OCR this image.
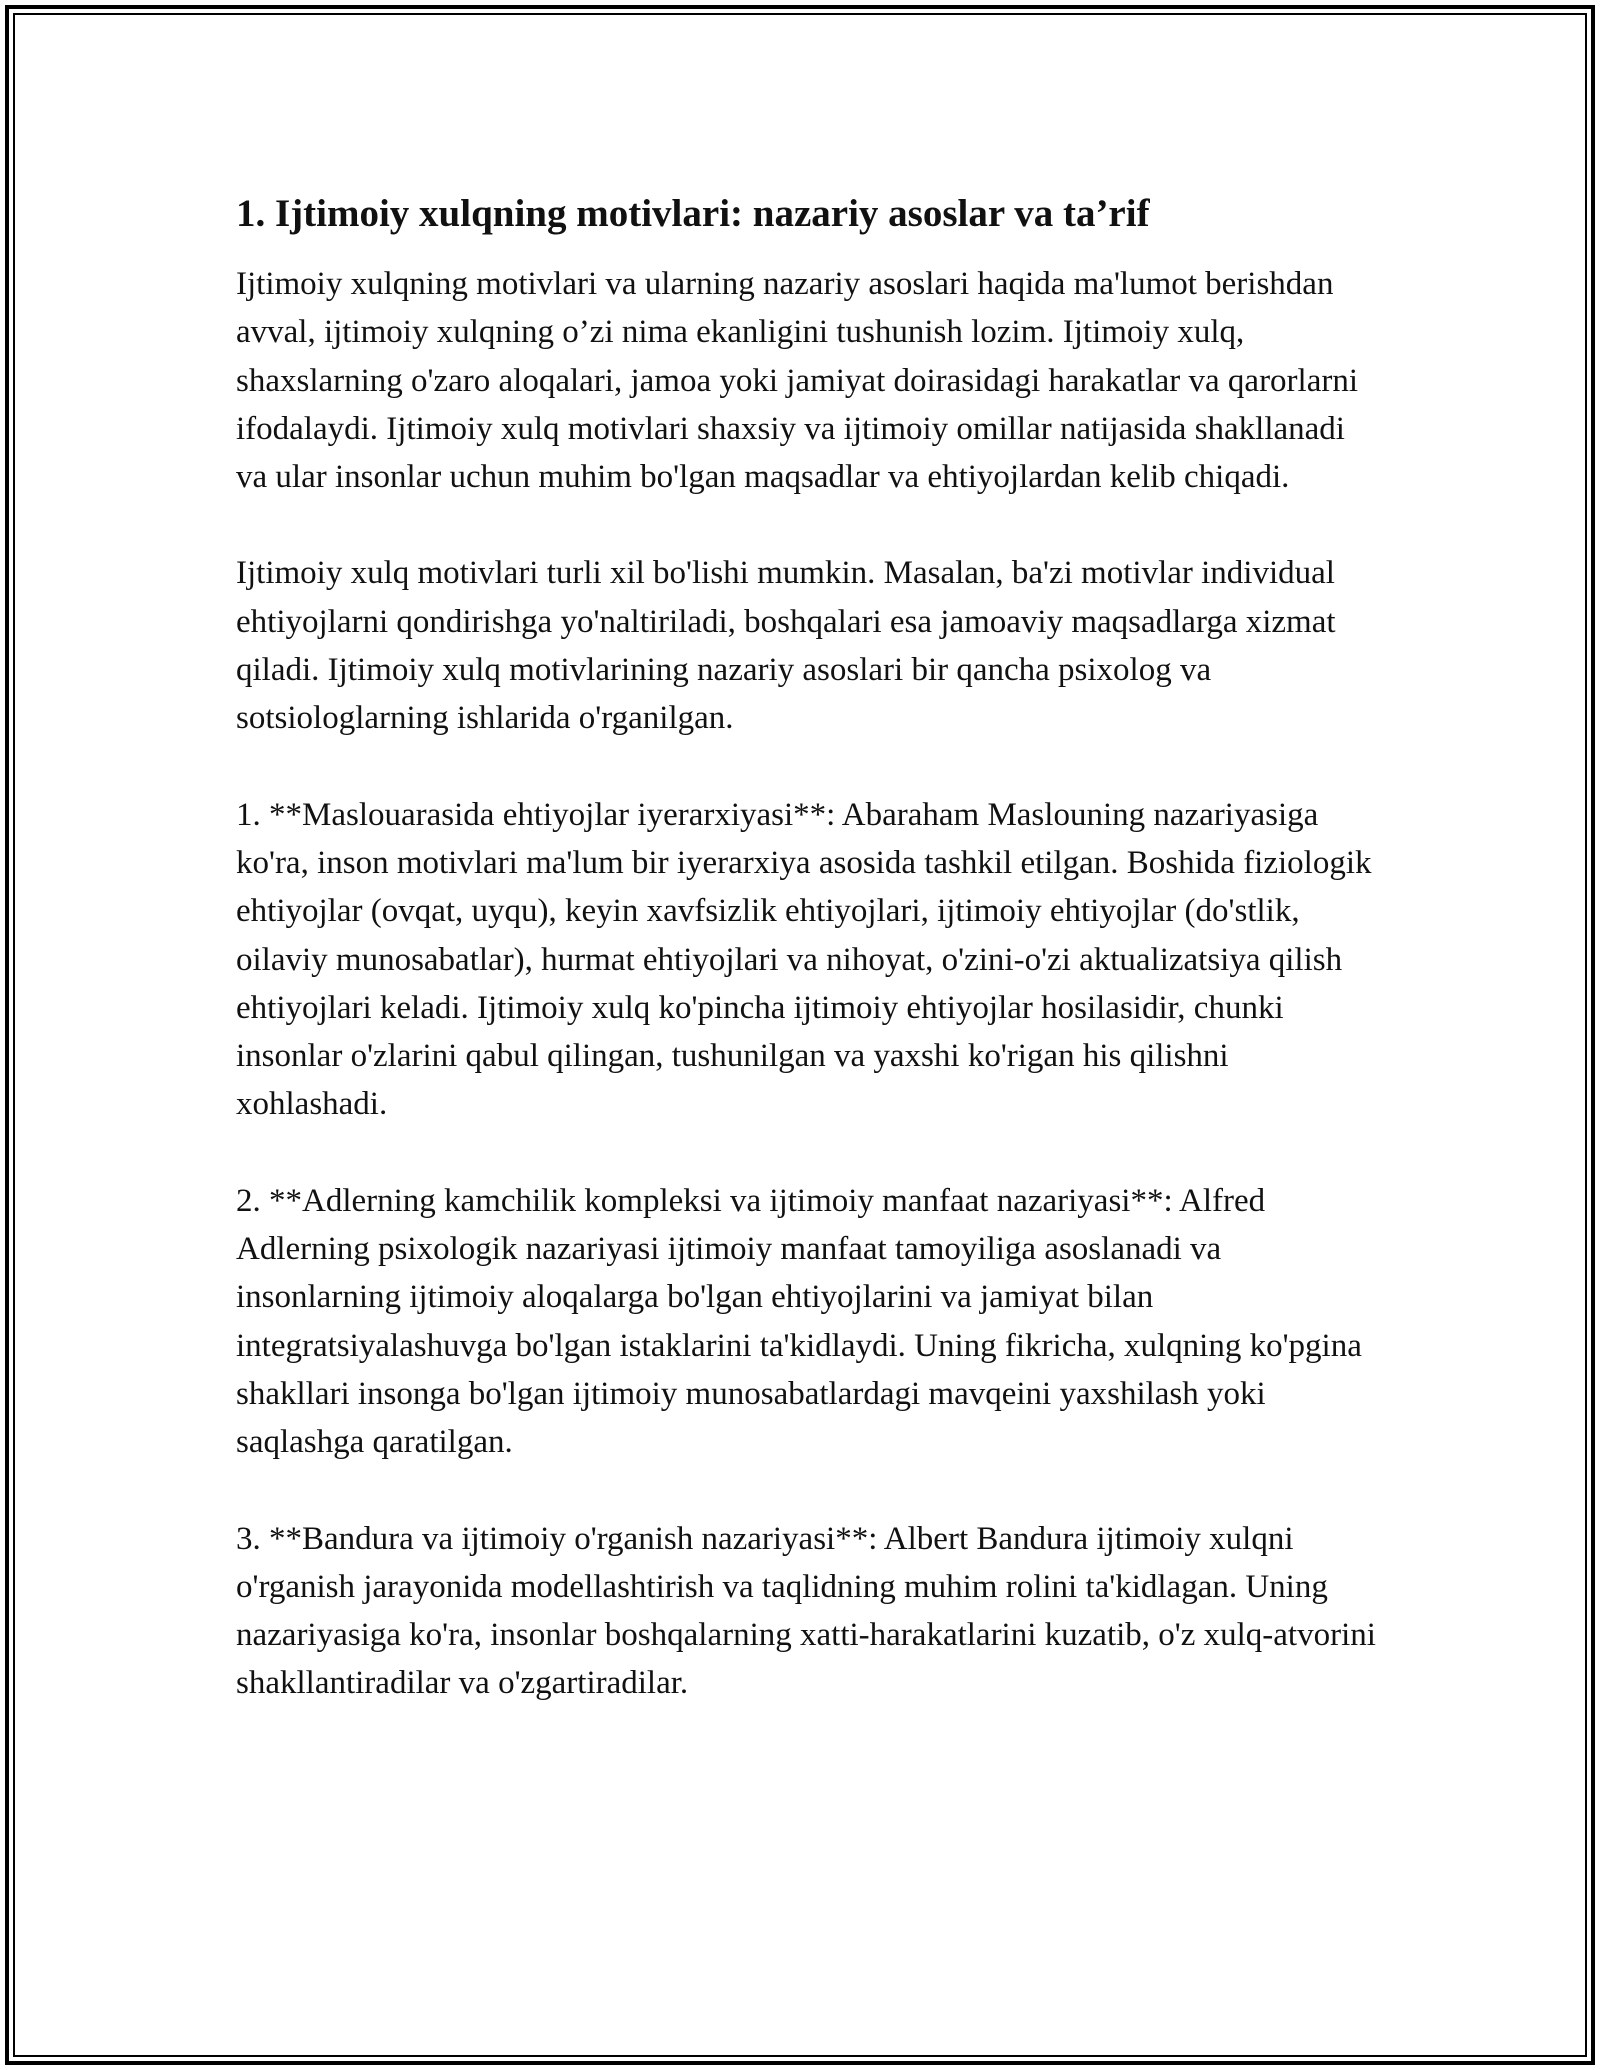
1. Ijtimoiy xulqning motivlari: nazariy asoslar va ta’rif

Ijtimoiy xulqning motivlari va ularning nazariy asoslari haqida ma'lumot berishdan avval, ijtimoiy xulqning o’zi nima ekanligini tushunish lozim. Ijtimoiy xulq, shaxslarning o'zaro aloqalari, jamoa yoki jamiyat doirasidagi harakatlar va qarorlarni ifodalaydi. Ijtimoiy xulq motivlari shaxsiy va ijtimoiy omillar natijasida shakllanadi va ular insonlar uchun muhim bo'lgan maqsadlar va ehtiyojlardan kelib chiqadi.

Ijtimoiy xulq motivlari turli xil bo'lishi mumkin. Masalan, ba'zi motivlar individual ehtiyojlarni qondirishga yo'naltiriladi, boshqalari esa jamoaviy maqsadlarga xizmat qiladi. Ijtimoiy xulq motivlarining nazariy asoslari bir qancha psixolog va sotsiologlarning ishlarida o'rganilgan.

1. **Maslouarasida ehtiyojlar iyerarxiyasi**: Abaraham Maslouning nazariyasiga ko'ra, inson motivlari ma'lum bir iyerarxiya asosida tashkil etilgan. Boshida fiziologik ehtiyojlar (ovqat, uyqu), keyin xavfsizlik ehtiyojlari, ijtimoiy ehtiyojlar (do'stlik, oilaviy munosabatlar), hurmat ehtiyojlari va nihoyat, o'zini-o'zi aktualizatsiya qilish ehtiyojlari keladi. Ijtimoiy xulq ko'pincha ijtimoiy ehtiyojlar hosilasidir, chunki insonlar o'zlarini qabul qilingan, tushunilgan va yaxshi ko'rigan his qilishni xohlashadi.

2. **Adlerning kamchilik kompleksi va ijtimoiy manfaat nazariyasi**: Alfred Adlerning psixologik nazariyasi ijtimoiy manfaat tamoyiliga asoslanadi va insonlarning ijtimoiy aloqalarga bo'lgan ehtiyojlarini va jamiyat bilan integratsiyalashuvga bo'lgan istaklarini ta'kidlaydi. Uning fikricha, xulqning ko'pgina shakllari insonga bo'lgan ijtimoiy munosabatlardagi mavqeini yaxshilash yoki saqlashga qaratilgan.

3. **Bandura va ijtimoiy o'rganish nazariyasi**: Albert Bandura ijtimoiy xulqni o'rganish jarayonida modellashtirish va taqlidning muhim rolini ta'kidlagan. Uning nazariyasiga ko'ra, insonlar boshqalarning xatti-harakatlarini kuzatib, o'z xulq-atvorini shakllantiradilar va o'zgartiradilar.
